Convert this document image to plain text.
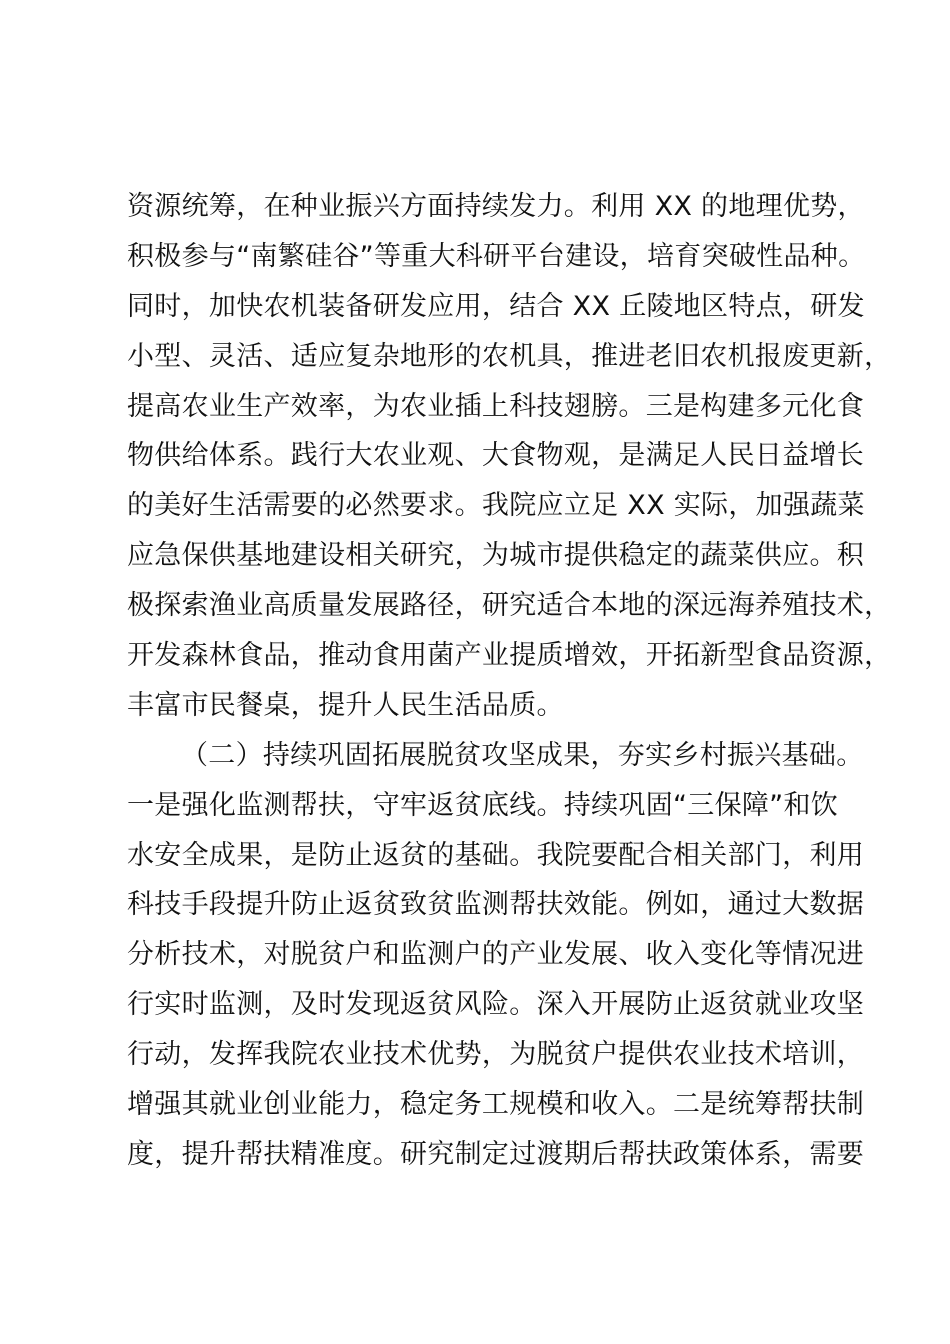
资源统筹，在种业振兴方面持续发力。利用 XX 的地理优势，
积极参与“南繁硅谷”等重大科研平台建设，培育突破性品种。
同时，加快农机装备研发应用，结合 XX 丘陵地区特点，研发
小型、灵活、适应复杂地形的农机具，推进老旧农机报废更新，
提高农业生产效率，为农业插上科技翅膀。三是构建多元化食
物供给体系。践行大农业观、大食物观，是满足人民日益增长
的美好生活需要的必然要求。我院应立足 XX 实际，加强蔬菜
应急保供基地建设相关研究，为城市提供稳定的蔬菜供应。积
极探索渔业高质量发展路径，研究适合本地的深远海养殖技术，
开发森林食品，推动食用菌产业提质增效，开拓新型食品资源，
丰富市民餐桌，提升人民生活品质。
（二）持续巩固拓展脱贫攻坚成果，夯实乡村振兴基础。
一是强化监测帮扶，守牢返贫底线。持续巩固“三保障”和饮
水安全成果，是防止返贫的基础。我院要配合相关部门，利用
科技手段提升防止返贫致贫监测帮扶效能。例如，通过大数据
分析技术，对脱贫户和监测户的产业发展、收入变化等情况进
行实时监测，及时发现返贫风险。深入开展防止返贫就业攻坚
行动，发挥我院农业技术优势，为脱贫户提供农业技术培训，
增强其就业创业能力，稳定务工规模和收入。二是统筹帮扶制
度，提升帮扶精准度。研究制定过渡期后帮扶政策体系，需要
